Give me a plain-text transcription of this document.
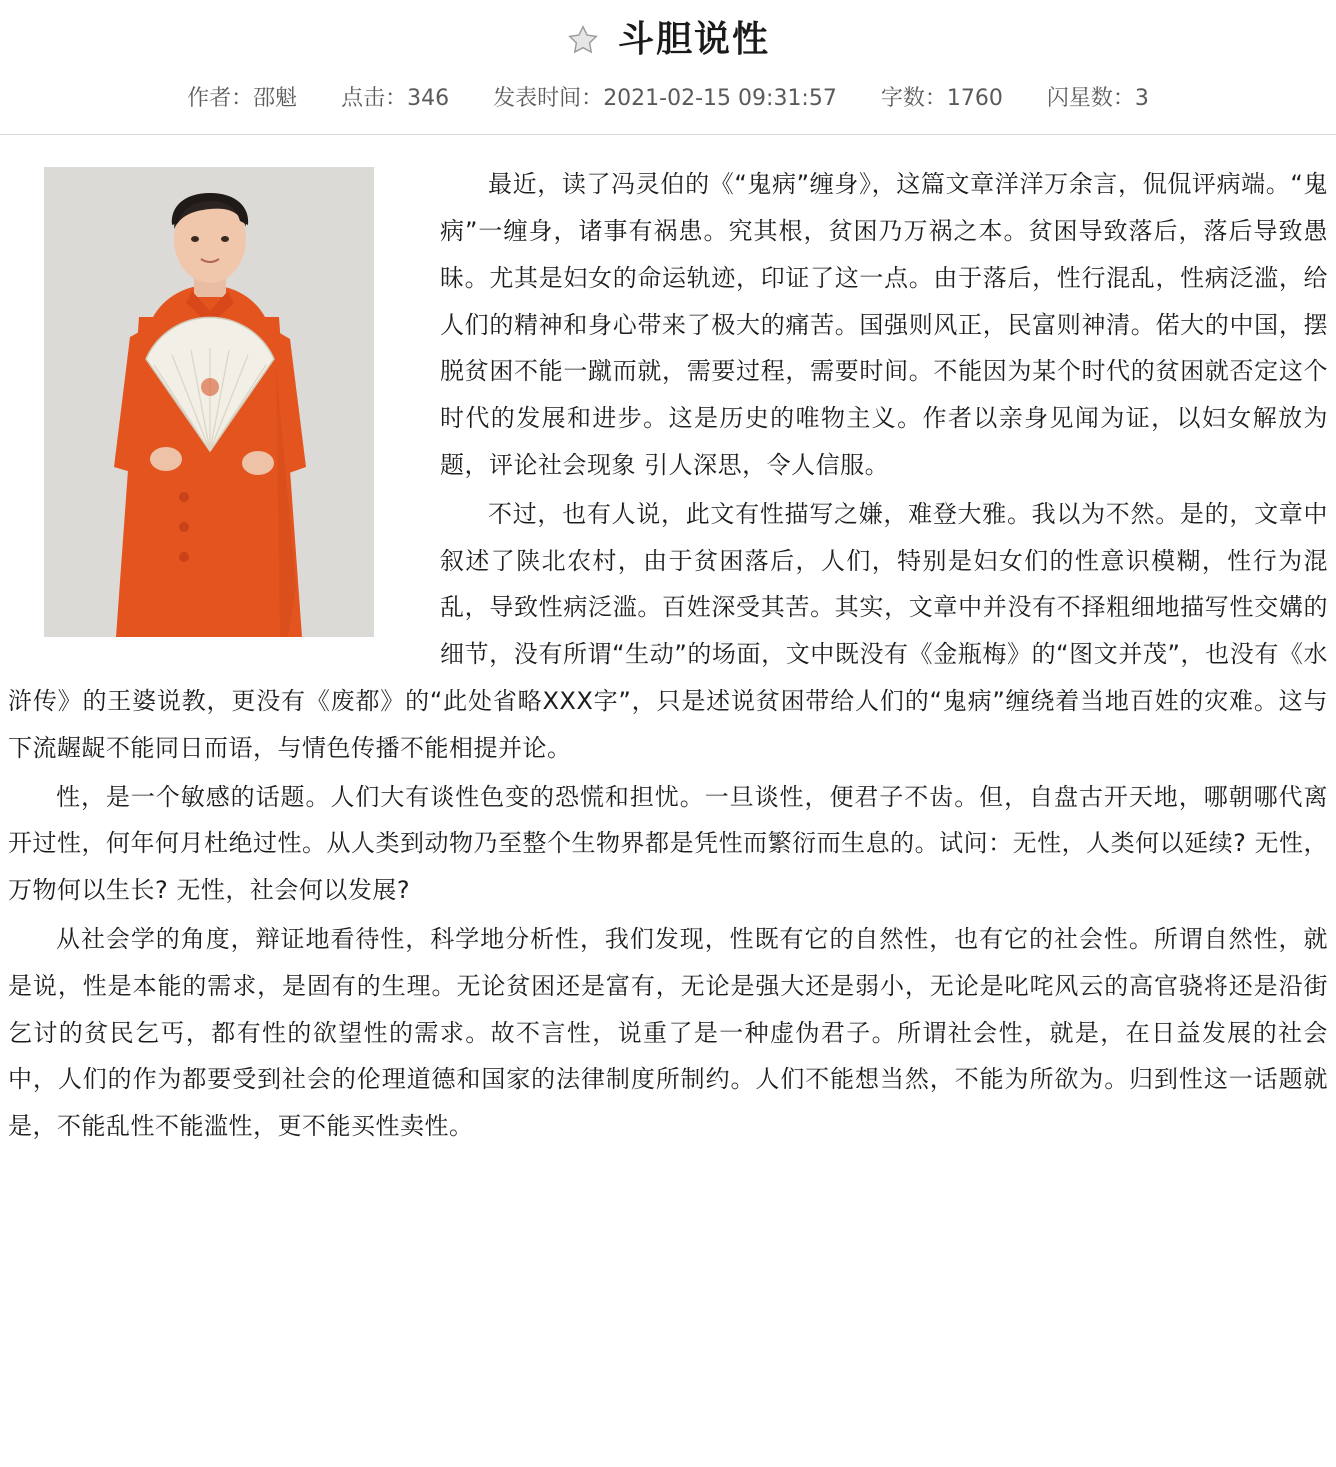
斗胆说性
作者：邵魁 点击：346 发表时间：2021-02-15 09:31:57 字数：1760 闪星数：3

最近，读了冯灵伯的《“鬼病”缠身》，这篇文章洋洋万余言，侃侃评病端。“鬼病”一缠身，诸事有祸患。究其根，贫困乃万祸之本。贫困导致落后，落后导致愚昧。尤其是妇女的命运轨迹，印证了这一点。由于落后，性行混乱，性病泛滥，给人们的精神和身心带来了极大的痛苦。国强则风正，民富则神清。偌大的中国，摆脱贫困不能一蹴而就，需要过程，需要时间。不能因为某个时代的贫困就否定这个时代的发展和进步。这是历史的唯物主义。作者以亲身见闻为证，以妇女解放为题，评论社会现象 引人深思，令人信服。

不过，也有人说，此文有性描写之嫌，难登大雅。我以为不然。是的，文章中叙述了陕北农村，由于贫困落后，人们，特别是妇女们的性意识模糊，性行为混乱，导致性病泛滥。百姓深受其苦。其实，文章中并没有不择粗细地描写性交媾的细节，没有所谓“生动”的场面，文中既没有《金瓶梅》的“图文并茂”，也没有《水浒传》的王婆说教，更没有《废都》的“此处省略XXX字”，只是述说贫困带给人们的“鬼病”缠绕着当地百姓的灾难。这与下流龌龊不能同日而语，与情色传播不能相提并论。

性，是一个敏感的话题。人们大有谈性色变的恐慌和担忧。一旦谈性，便君子不齿。但，自盘古开天地，哪朝哪代离开过性，何年何月杜绝过性。从人类到动物乃至整个生物界都是凭性而繁衍而生息的。试问：无性，人类何以延续? 无性，万物何以生长? 无性，社会何以发展?

从社会学的角度，辩证地看待性，科学地分析性，我们发现，性既有它的自然性，也有它的社会性。所谓自然性，就是说，性是本能的需求，是固有的生理。无论贫困还是富有，无论是强大还是弱小，无论是叱咤风云的高官骁将还是沿街乞讨的贫民乞丐，都有性的欲望性的需求。故不言性，说重了是一种虚伪君子。所谓社会性，就是，在日益发展的社会中，人们的作为都要受到社会的伦理道德和国家的法律制度所制约。人们不能想当然，不能为所欲为。归到性这一话题就是，不能乱性不能滥性，更不能买性卖性。
